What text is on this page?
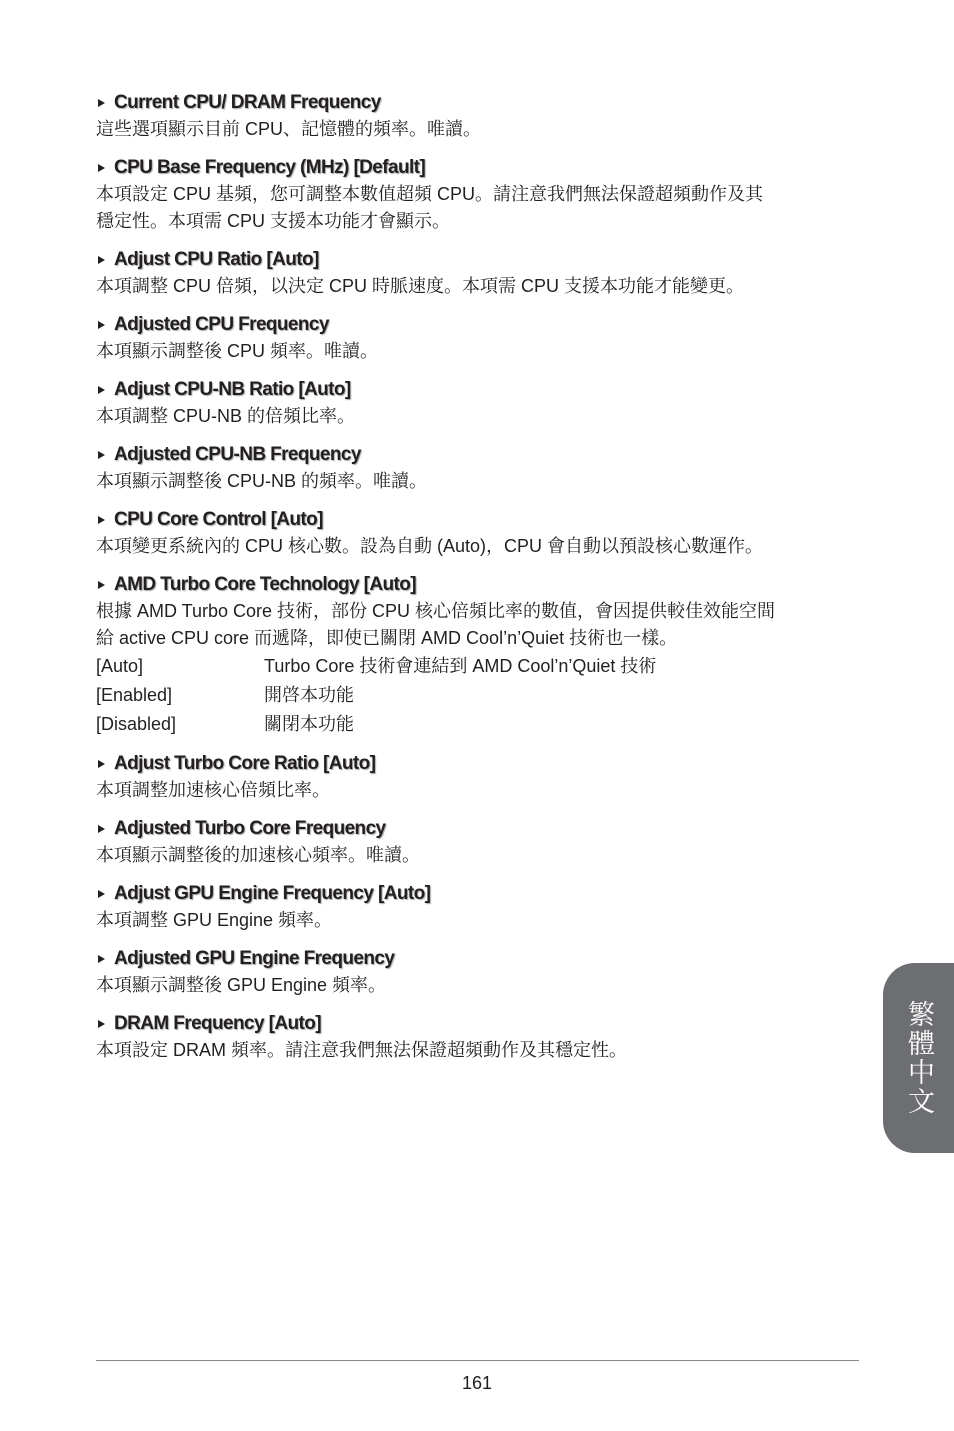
Current CPU/ DRAM Frequency
這些選項顯示目前 CPU、記憶體的頻率。唯讀。
CPU Base Frequency (MHz) [Default]
本項設定 CPU 基頻，您可調整本數值超頻 CPU。請注意我們無法保證超頻動作及其
穩定性。本項需 CPU 支援本功能才會顯示。
Adjust CPU Ratio [Auto]
本項調整 CPU 倍頻，以決定 CPU 時脈速度。本項需 CPU 支援本功能才能變更。
Adjusted CPU Frequency
本項顯示調整後 CPU 頻率。唯讀。
Adjust CPU-NB Ratio [Auto]
本項調整 CPU-NB 的倍頻比率。
Adjusted CPU-NB Frequency
本項顯示調整後 CPU-NB 的頻率。唯讀。
CPU Core Control [Auto]
本項變更系統內的 CPU 核心數。設為自動 (Auto)，CPU 會自動以預設核心數運作。
AMD Turbo Core Technology [Auto]
根據 AMD Turbo Core 技術，部份 CPU 核心倍頻比率的數值，會因提供較佳效能空間
給 active CPU core 而遞降，即使已關閉 AMD Cool’n’Quiet 技術也一樣。
[Auto]	Turbo Core 技術會連結到 AMD Cool’n’Quiet 技術
[Enabled]	開啓本功能
[Disabled]	關閉本功能
Adjust Turbo Core Ratio [Auto]
本項調整加速核心倍頻比率。
Adjusted Turbo Core Frequency
本項顯示調整後的加速核心頻率。唯讀。
Adjust GPU Engine Frequency [Auto]
本項調整 GPU Engine 頻率。
Adjusted GPU Engine Frequency
本項顯示調整後 GPU Engine 頻率。
DRAM Frequency [Auto]
本項設定 DRAM 頻率。請注意我們無法保證超頻動作及其穩定性。	繁體中文
161
